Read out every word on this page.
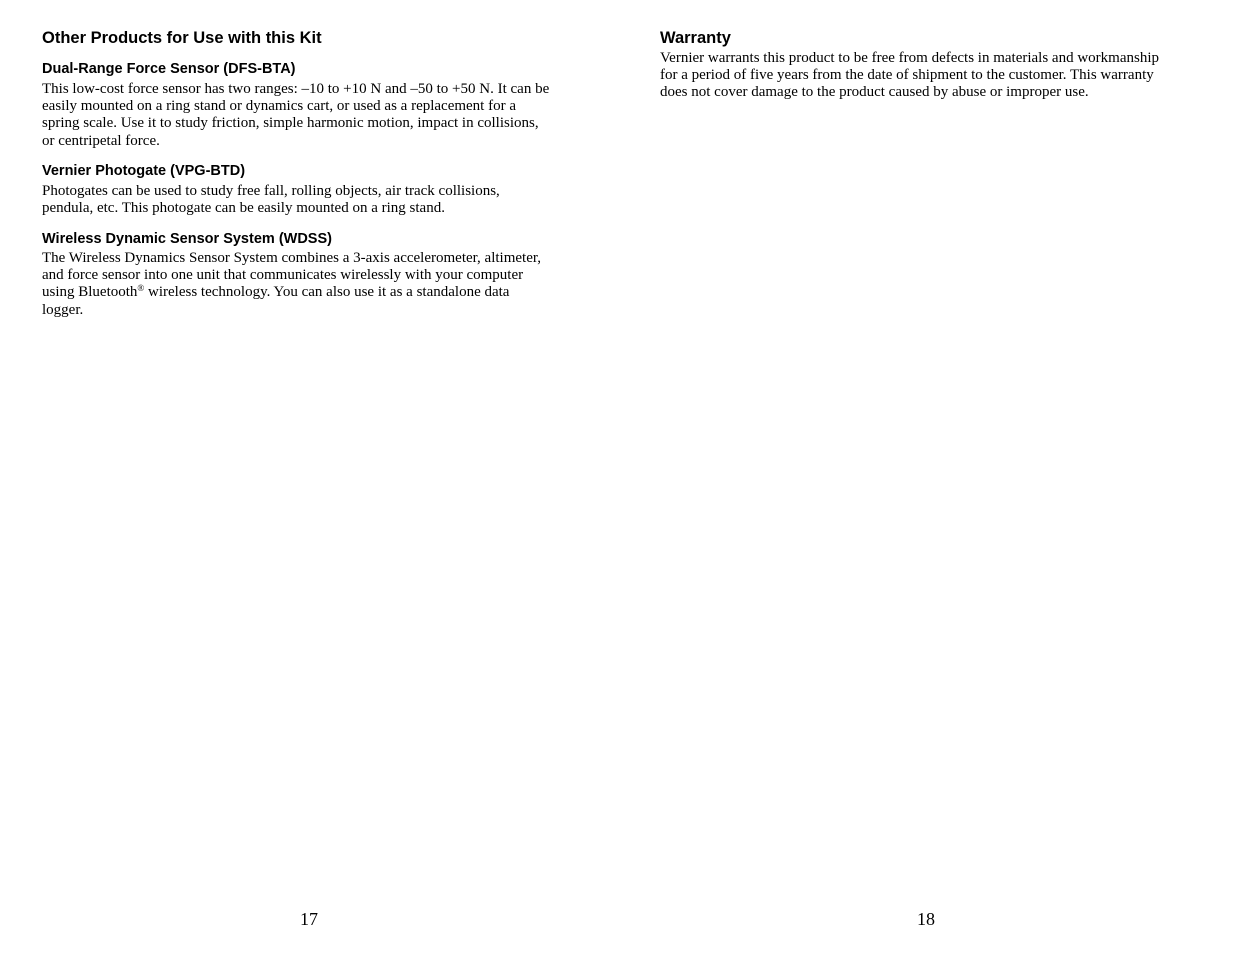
Other Products for Use with this Kit
Dual-Range Force Sensor (DFS-BTA)

This low-cost force sensor has two ranges: –10 to +10 N and –50 to +50 N. It can be
easily mounted on a ring stand or dynamics cart, or used as a replacement for a
spring scale. Use it to study friction, simple harmonic motion, impact in collisions,
or centripetal force.

Vernier Photogate (VPG-BTD)

Photogates can be used to study free fall, rolling objects, air track collisions,
pendula, etc. This photogate can be easily mounted on a ring stand.

Wireless Dynamic Sensor System (WDSS)

The Wireless Dynamics Sensor System combines a 3-axis accelerometer, altimeter,
and force sensor into one unit that communicates wirelessly with your computer
using Bluetooth® wireless technology. You can also use it as a standalone data
logger.

17
Warranty

Vernier warrants this product to be free from defects in materials and workmanship
for a period of five years from the date of shipment to the customer. This warranty
does not cover damage to the product caused by abuse or improper use.

18
